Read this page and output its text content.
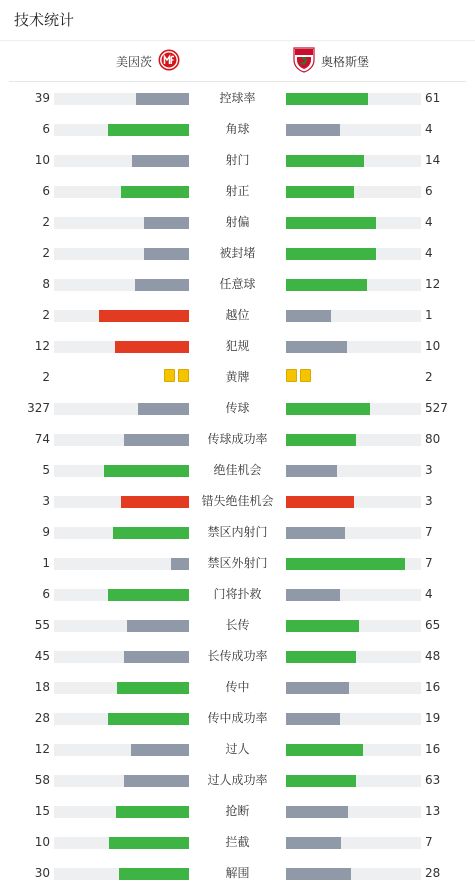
技术统计
美因茨	奥格斯堡
39	控球率	61
6	角球	4
10	射门	14
6	射正	6
2	射偏	4
2	被封堵	4
8	任意球	12
2	越位	1
12	犯规	10
2	黄牌	2
327	传球	527
74	传球成功率	80
5	绝佳机会	3
3	错失绝佳机会	3
9	禁区内射门	7
1	禁区外射门	7
6	门将扑救	4
55	长传	65
45	长传成功率	48
18	传中	16
28	传中成功率	19
12	过人	16
58	过人成功率	63
15	抢断	13
10	拦截	7
30	解围	28
